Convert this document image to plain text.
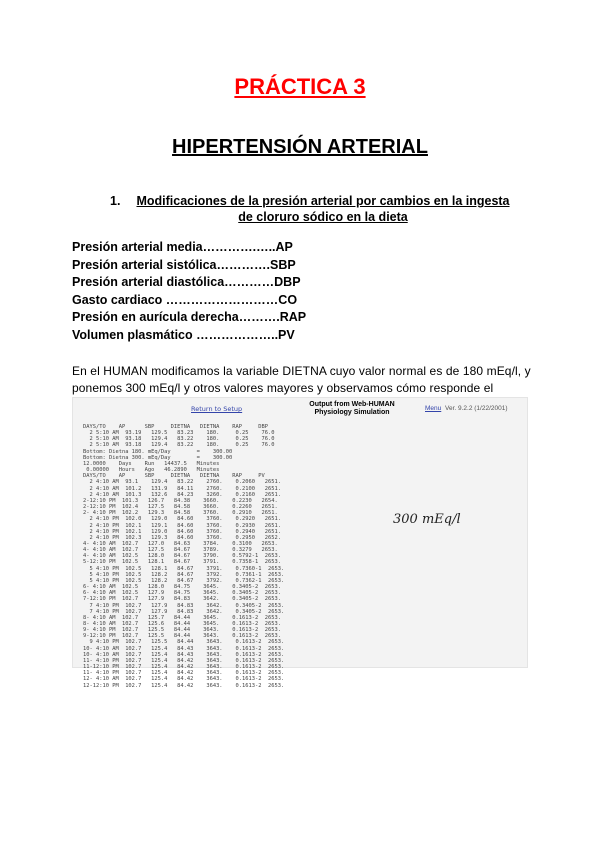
PRÁCTICA 3
HIPERTENSIÓN ARTERIAL
1.	Modificaciones de la presión arterial por cambios en la ingesta de cloruro sódico en la dieta
Presión arterial media………….…..AP
Presión arterial sistólica………….SBP
Presión arterial diastólica…………DBP
Gasto cardiaco ………………………CO
Presión en aurícula derecha……….RAP
Volumen plasmático ………………..PV

En el HUMAN modificamos la variable DIETNA cuyo valor normal es de 180 mEq/l, y ponemos 300 mEq/l y otros valores mayores y observamos cómo responde el

Return to Setup
Output from Web-HUMAN Physiology Simulation
Menu Ver. 9.2.2 (1/22/2001)
DAYS/TO    AP      SBP     DIETNA   DIETNA    RAP     DBP
2 5:10 AM  93.19   129.5   83.23    180.     0.25    76.0
2 5:10 AM  93.18   129.4   83.22    180.     0.25    76.0
2 5:10 AM  93.18   129.4   83.22    180.     0.25    76.0
Bottom: Dietna 180. mEq/Day        =    300.00
Bottom: Dietna 300. mEq/Day        =    300.00
12.0000    Days    Run   14437.5   Minutes
0.00000   Hours   Ago   46.2890   Minutes
DAYS/TO    AP      SBP     DIETNA   DIETNA    RAP     PV
2 4:10 AM  93.1    129.4   83.22    2760.    0.2060   2651.
2 4:10 AM  101.2   131.9   84.11    2760.    0.2100   2651.
2 4:10 AM  101.3   132.6   84.23    3260.    0.2160   2651.
2-12:10 PM  101.3   126.7   84.38    3660.    0.2230   2654.
2-12:10 PM  102.4   127.5   84.58    3660.    0.2260   2651.
2- 4:10 PM  102.2   129.3   84.58    3760.    0.2910   2651.
2 4:10 PM  102.0   129.0   84.60    3760.    0.2920   2651.
2 4:10 PM  102.1   129.1   84.60    3760.    0.2930   2651.
2 4:10 PM  102.1   129.0   84.60    3760.    0.2940   2651.
2 4:10 PM  102.3   129.3   84.60    3760.    0.2950   2652.
4- 4:10 AM  102.7   127.0   84.63    3784.    0.3100   2653.
4- 4:10 AM  102.7   127.5   84.67    3789.    0.3279   2653.
4- 4:10 AM  102.5   128.0   84.67    3790.    0.5792-1  2653.
5-12:10 PM  102.5   128.1   84.67    3791.    0.7358-1  2653.
5 4:10 PM  102.5   128.1   84.67    3791.    0.7360-1  2653.
5 4:10 PM  102.5   128.2   84.67    3792.    0.7361-1  2653.
5 4:10 PM  102.5   128.2   84.67    3792.    0.7362-1  2653.
6- 4:10 AM  102.5   128.0   84.75    3645.    0.3405-2  2653.
6- 4:10 AM  102.5   127.9   84.75    3645.    0.3405-2  2653.
7-12:10 PM  102.7   127.9   84.83    3642.    0.3405-2  2653.
7 4:10 PM  102.7   127.9   84.83    3642.    0.3405-2  2653.
7 4:10 PM  102.7   127.9   84.83    3642.    0.3405-2  2653.
8- 4:10 AM  102.7   125.7   84.44    3645.    0.1613-2  2653.
8- 4:10 AM  102.7   125.6   84.44    3645.    0.1613-2  2653.
9- 4:10 PM  102.7   125.5   84.44    3643.    0.1613-2  2653.
9-12:10 PM  102.7   125.5   84.44    3643.    0.1613-2  2653.
9 4:10 PM  102.7   125.5   84.44    3643.    0.1613-2  2653.
10- 4:10 AM  102.7   125.4   84.43    3643.    0.1613-2  2653.
10- 4:10 AM  102.7   125.4   84.43    3643.    0.1613-2  2653.
11- 4:10 PM  102.7   125.4   84.42    3643.    0.1613-2  2653.
11-12:10 PM  102.7   125.4   84.42    3643.    0.1613-2  2653.
11- 4:10 PM  102.7   125.4   84.42    3643.    0.1613-2  2653.
12- 4:10 AM  102.7   125.4   84.42    3643.    0.1613-2  2653.
12-12:10 PM  102.7   125.4   84.42    3643.    0.1613-2  2653.
300 mEq/l
